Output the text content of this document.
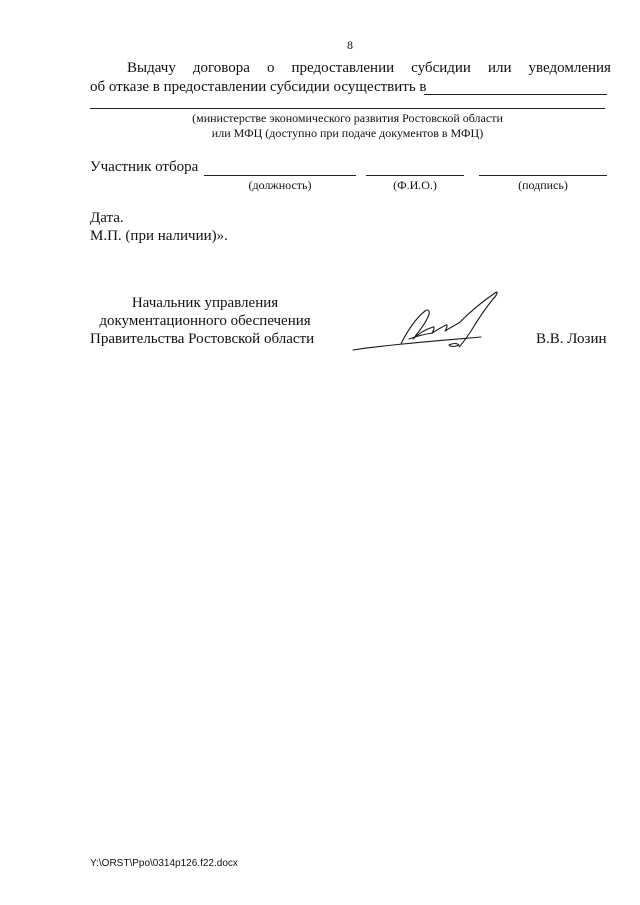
8
Выдачу договора о предоставлении субсидии или уведомления
об отказе в предоставлении субсидии осуществить в
(министерстве экономического развития Ростовской области
или МФЦ (доступно при подаче документов в МФЦ)
Участник отбора
(должность)	(Ф.И.О.)	(подпись)
Дата.
М.П. (при наличии)».
Начальник управления
документационного обеспечения
Правительства Ростовской области	В.В. Лозин
Y:\ORST\Ppo\0314p126.f22.docx
